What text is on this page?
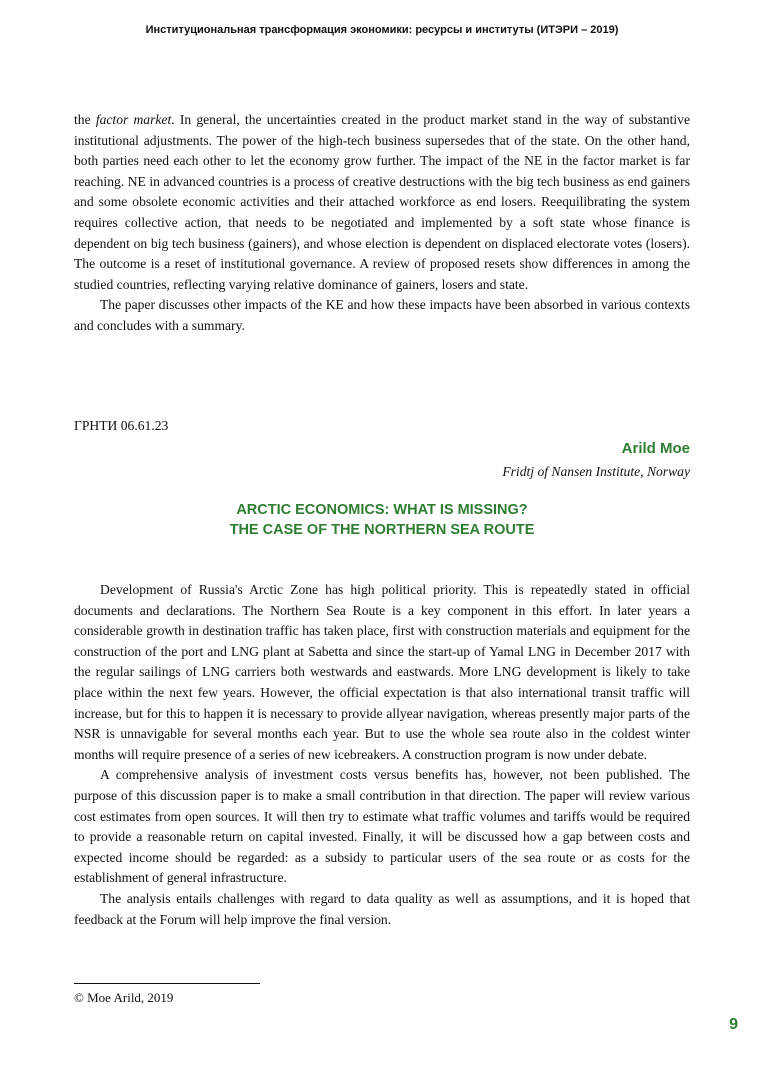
Институциональная трансформация экономики: ресурсы и институты (ИТЭРИ – 2019)

the factor market. In general, the uncertainties created in the product market stand in the way of substantive institutional adjustments. The power of the high-tech business supersedes that of the state. On the other hand, both parties need each other to let the economy grow further. The impact of the NE in the factor market is far reaching. NE in advanced countries is a process of creative destructions with the big tech business as end gainers and some obsolete economic activities and their attached workforce as end losers. Reequilibrating the system requires collective action, that needs to be negotiated and implemented by a soft state whose finance is dependent on big tech business (gainers), and whose election is dependent on displaced electorate votes (losers). The outcome is a reset of institutional governance. A review of proposed resets show differences in among the studied countries, reflecting varying relative dominance of gainers, losers and state.

The paper discusses other impacts of the KE and how these impacts have been absorbed in various contexts and concludes with a summary.

ГРНТИ 06.61.23
Arild Moe
Fridtj of Nansen Institute, Norway
ARCTIC ECONOMICS: WHAT IS MISSING?
THE CASE OF THE NORTHERN SEA ROUTE

Development of Russia's Arctic Zone has high political priority. This is repeatedly stated in official documents and declarations. The Northern Sea Route is a key component in this effort. In later years a considerable growth in destination traffic has taken place, first with construction materials and equipment for the construction of the port and LNG plant at Sabetta and since the start-up of Yamal LNG in December 2017 with the regular sailings of LNG carriers both westwards and eastwards. More LNG development is likely to take place within the next few years. However, the official expectation is that also international transit traffic will increase, but for this to happen it is necessary to provide allyear navigation, whereas presently major parts of the NSR is unnavigable for several months each year. But to use the whole sea route also in the coldest winter months will require presence of a series of new icebreakers. A construction program is now under debate.

A comprehensive analysis of investment costs versus benefits has, however, not been published. The purpose of this discussion paper is to make a small contribution in that direction. The paper will review various cost estimates from open sources. It will then try to estimate what traffic volumes and tariffs would be required to provide a reasonable return on capital invested. Finally, it will be discussed how a gap between costs and expected income should be regarded: as a subsidy to particular users of the sea route or as costs for the establishment of general infrastructure.

The analysis entails challenges with regard to data quality as well as assumptions, and it is hoped that feedback at the Forum will help improve the final version.

© Moe Arild, 2019
9
